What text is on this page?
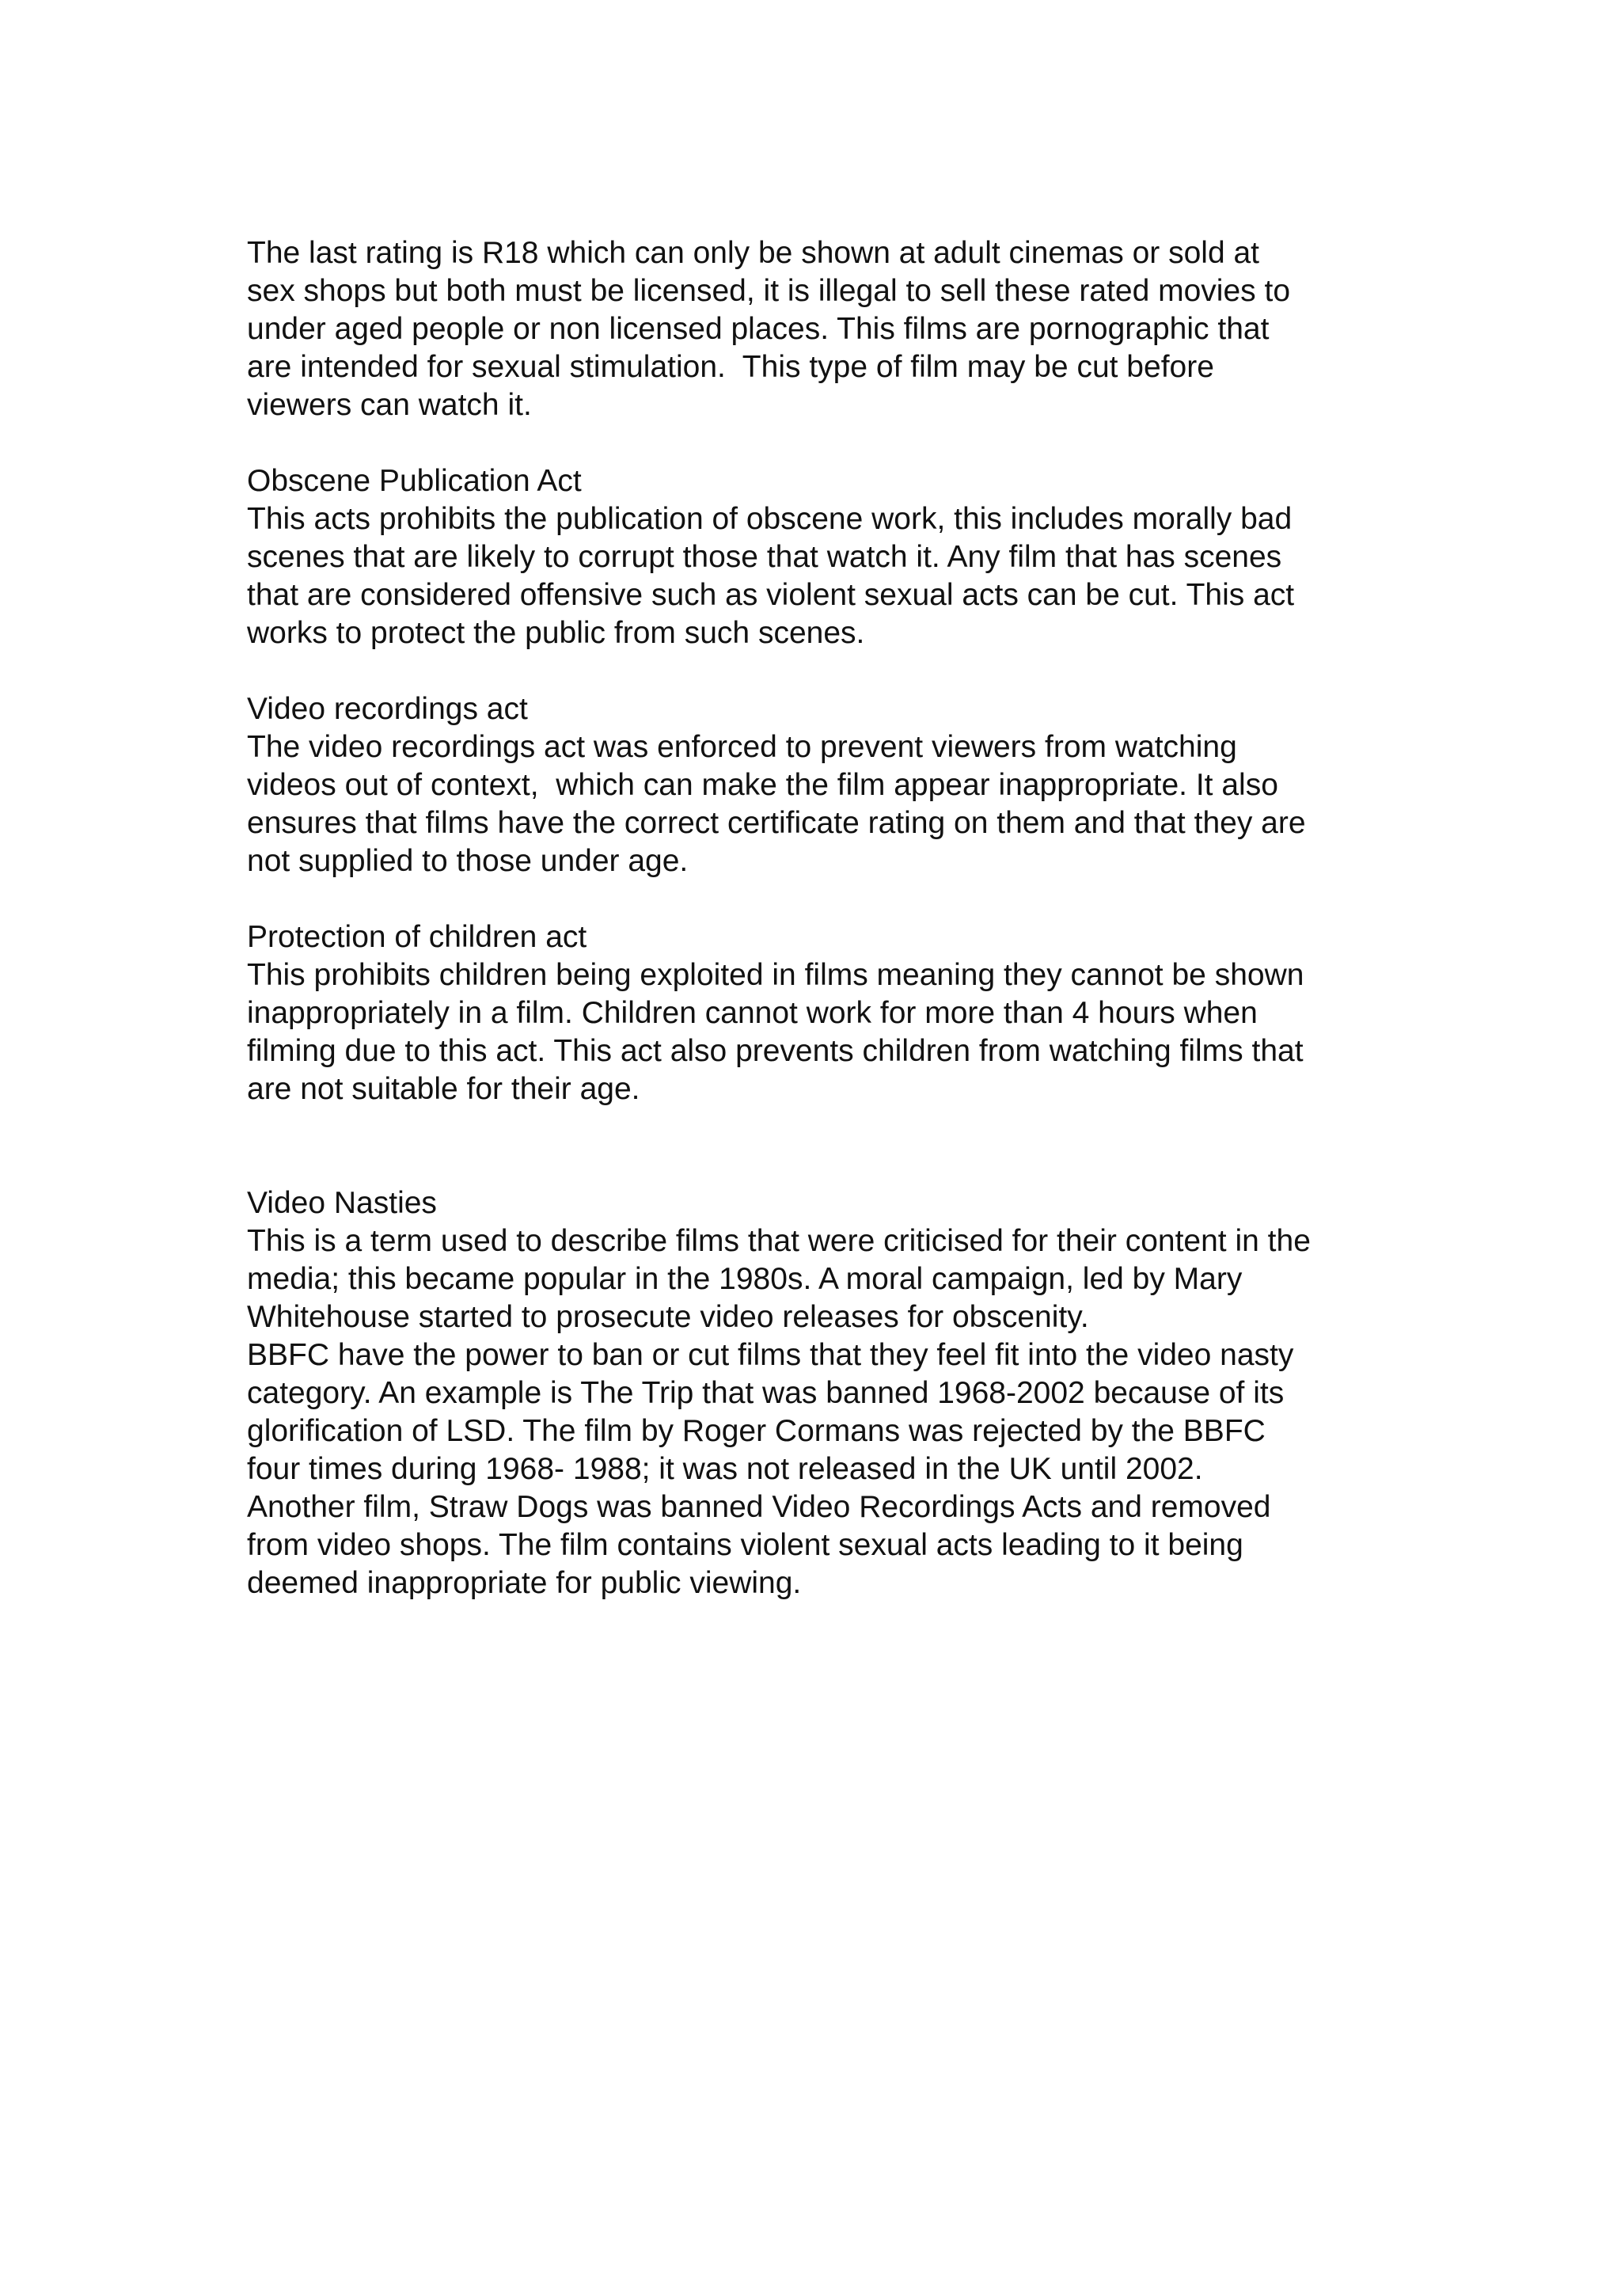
The last rating is R18 which can only be shown at adult cinemas or sold at
sex shops but both must be licensed, it is illegal to sell these rated movies to
under aged people or non licensed places. This films are pornographic that
are intended for sexual stimulation.  This type of film may be cut before
viewers can watch it.
Obscene Publication Act
This acts prohibits the publication of obscene work, this includes morally bad
scenes that are likely to corrupt those that watch it. Any film that has scenes
that are considered offensive such as violent sexual acts can be cut. This act
works to protect the public from such scenes.
Video recordings act
The video recordings act was enforced to prevent viewers from watching
videos out of context,  which can make the film appear inappropriate. It also
ensures that films have the correct certificate rating on them and that they are
not supplied to those under age.
Protection of children act
This prohibits children being exploited in films meaning they cannot be shown
inappropriately in a film. Children cannot work for more than 4 hours when
filming due to this act. This act also prevents children from watching films that
are not suitable for their age.
Video Nasties
This is a term used to describe films that were criticised for their content in the
media; this became popular in the 1980s. A moral campaign, led by Mary
Whitehouse started to prosecute video releases for obscenity.
BBFC have the power to ban or cut films that they feel fit into the video nasty
category. An example is The Trip that was banned 1968-2002 because of its
glorification of LSD. The film by Roger Cormans was rejected by the BBFC
four times during 1968- 1988; it was not released in the UK until 2002.
Another film, Straw Dogs was banned Video Recordings Acts and removed
from video shops. The film contains violent sexual acts leading to it being
deemed inappropriate for public viewing.
